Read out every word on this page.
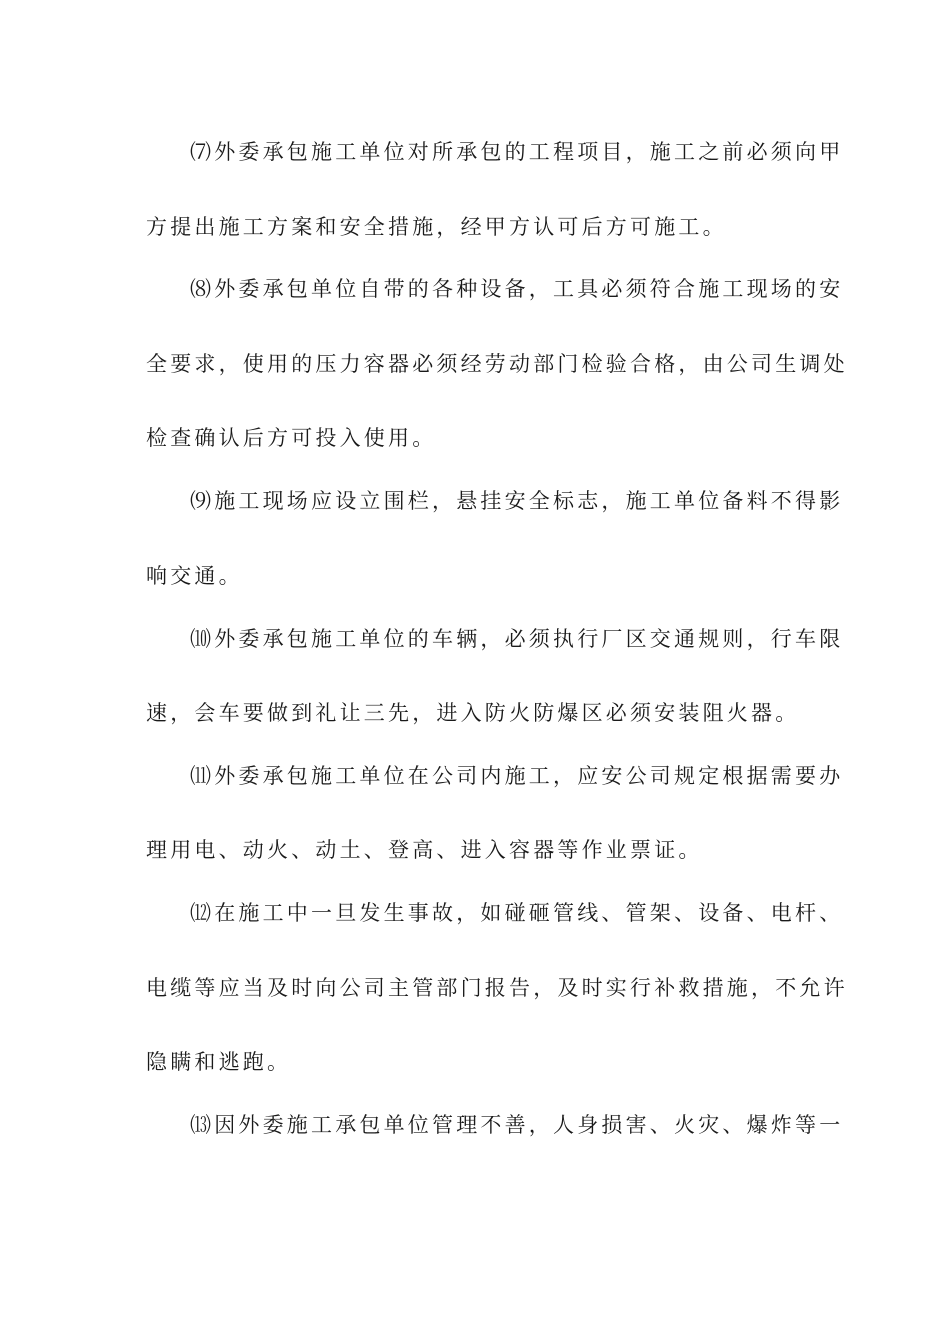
⑺外委承包施工单位对所承包的工程项目，施工之前必须向甲
方提出施工方案和安全措施，经甲方认可后方可施工。
⑻外委承包单位自带的各种设备，工具必须符合施工现场的安
全要求，使用的压力容器必须经劳动部门检验合格，由公司生调处
检查确认后方可投入使用。
⑼施工现场应设立围栏，悬挂安全标志，施工单位备料不得影
响交通。
⑽外委承包施工单位的车辆，必须执行厂区交通规则，行车限
速，会车要做到礼让三先，进入防火防爆区必须安装阻火器。
⑾外委承包施工单位在公司内施工，应安公司规定根据需要办
理用电、动火、动土、登高、进入容器等作业票证。
⑿在施工中一旦发生事故，如碰砸管线、管架、设备、电杆、
电缆等应当及时向公司主管部门报告，及时实行补救措施，不允许
隐瞒和逃跑。
⒀因外委施工承包单位管理不善，人身损害、火灾、爆炸等一
